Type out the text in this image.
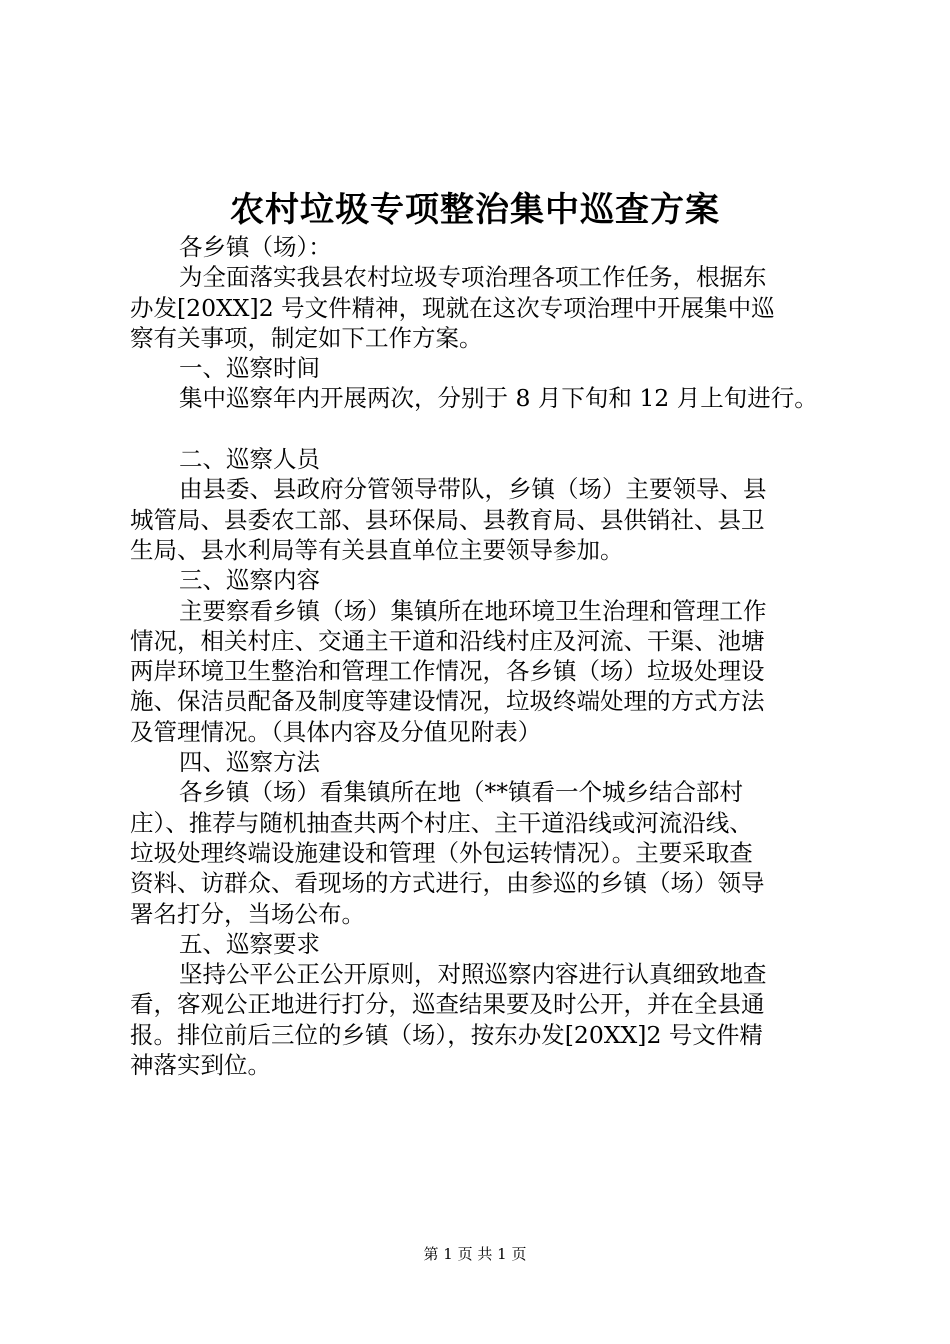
农村垃圾专项整治集中巡查方案
各乡镇（场）：
为全面落实我县农村垃圾专项治理各项工作任务，根据东
办发[20XX]2 号文件精神，现就在这次专项治理中开展集中巡
察有关事项，制定如下工作方案。
一、巡察时间
集中巡察年内开展两次，分别于 8 月下旬和 12 月上旬进行。
二、巡察人员
由县委、县政府分管领导带队，乡镇（场）主要领导、县
城管局、县委农工部、县环保局、县教育局、县供销社、县卫
生局、县水利局等有关县直单位主要领导参加。
三、巡察内容
主要察看乡镇（场）集镇所在地环境卫生治理和管理工作
情况，相关村庄、交通主干道和沿线村庄及河流、干渠、池塘
两岸环境卫生整治和管理工作情况，各乡镇（场）垃圾处理设
施、保洁员配备及制度等建设情况，垃圾终端处理的方式方法
及管理情况。（具体内容及分值见附表）
四、巡察方法
各乡镇（场）看集镇所在地（**镇看一个城乡结合部村
庄）、推荐与随机抽查共两个村庄、主干道沿线或河流沿线、
垃圾处理终端设施建设和管理（外包运转情况）。主要采取查
资料、访群众、看现场的方式进行，由参巡的乡镇（场）领导
署名打分，当场公布。
五、巡察要求
坚持公平公正公开原则，对照巡察内容进行认真细致地查
看，客观公正地进行打分，巡查结果要及时公开，并在全县通
报。排位前后三位的乡镇（场），按东办发[20XX]2 号文件精
神落实到位。
第 1 页 共 1 页
